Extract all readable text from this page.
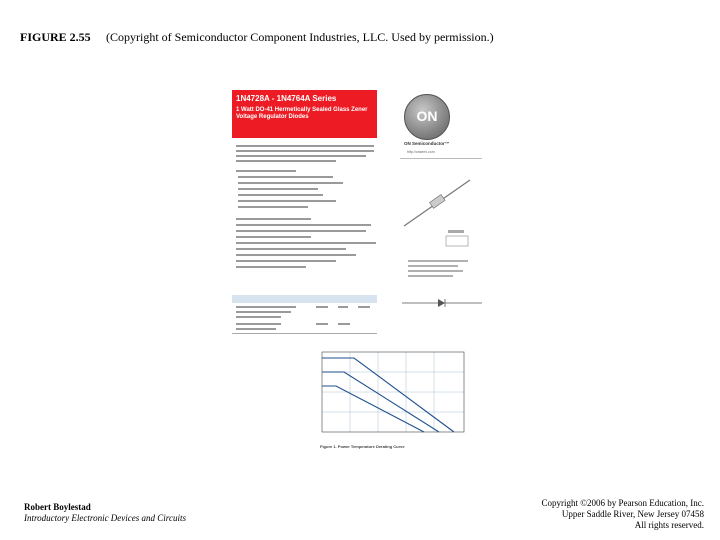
FIGURE 2.55 (Copyright of Semiconductor Component Industries, LLC. Used by permission.)
1N4728A - 1N4764A Series
1 Watt DO-41 Hermetically Sealed Glass Zener Voltage Regulator Diodes	ON
ON Semiconductor™
http://onsemi.com
Figure 1. Power Temperature Derating Curve
Robert Boylestad
Introductory Electronic Devices and Circuits
Copyright ©2006 by Pearson Education, Inc.
Upper Saddle River, New Jersey 07458
All rights reserved.
